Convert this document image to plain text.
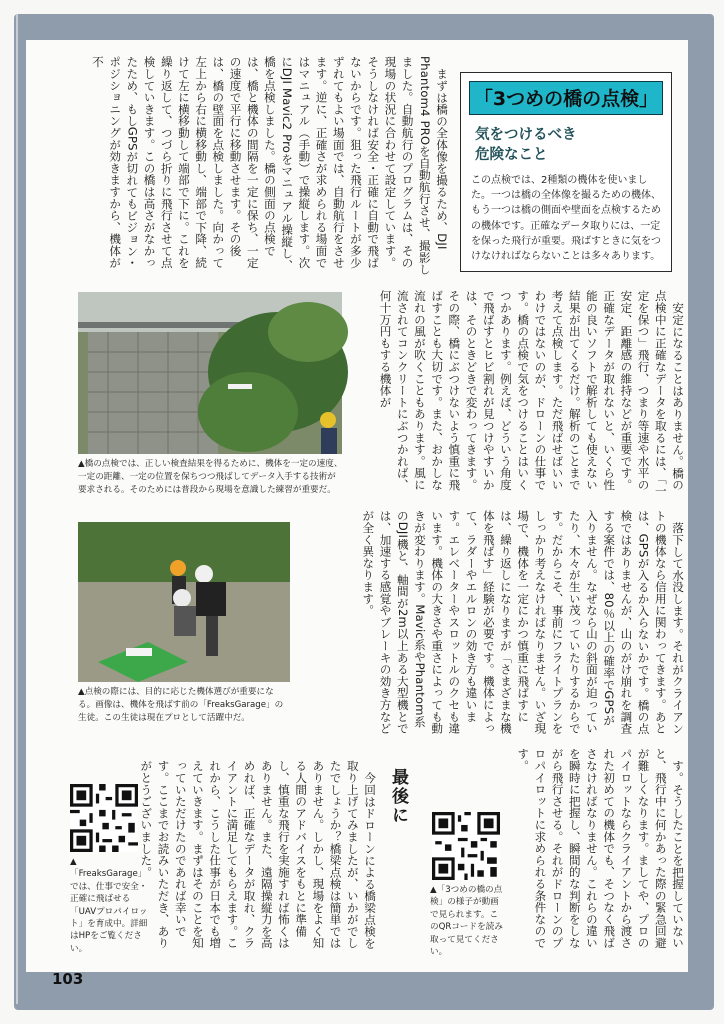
まずは橋の全体像を撮るため、DJI Phantom4 PROを自動航行させ、撮影しました。自動航行のプログラムは、その現場の状況に合わせて設定しています。そうしなければ安全・正確に自動で飛ばないからです。狙った飛行ルートが多少ずれてもよい場面では、自動航行をさせます。逆に、正確さが求められる場面ではマニュアル（手動）で操縦します。次にDJI Mavic2 Proをマニュアル操縦し、橋を点検しました。橋の側面の点検では、橋と機体の間隔を一定に保ち、一定の速度で平行に移動させます。その後は、橋の壁面を点検しました。向かって左上から右に横移動し、端部で下降、続けて左に横移動して端部で下に。これを繰り返して、つづら折りに飛行させて点検していきます。この橋は高さがなかったため、もしGPSが切れてもビジョン・ポジショニングが効きますから、機体が不

「3つめの橋の点検」
気をつけるべき
危険なこと
この点検では、2種類の機体を使いました。一つは橋の全体像を撮るための機体、もう一つは橋の側面や壁面を点検するための機体です。正確なデータ取りには、一定を保った飛行が重要。飛ばすときに気をつけなければならないことは多々あります。
▲橋の点検では、正しい検査結果を得るために、機体を一定の速度、一定の距離、一定の位置を保ちつつ飛ばしてデータ入手する技術が要求される。そのためには普段から現場を意識した練習が重要だ。
▲点検の際には、目的に応じた機体選びが重要になる。画像は、機体を飛ばす前の「FreaksGarage」の生徒。この生徒は現在プロとして活躍中だ。

安定になることはありません。橋の点検中に正確なデータを取るには、「一定を保つ」飛行、つまり等速や水平の安定、距離感の維持などが重要です。正確なデータが取れないと、いくら性能の良いソフトで解析しても使えない結果が出てくるだけ。解析のことまで考えて点検します。ただ飛ばせばいいわけではないのが、ドローンの仕事です。橋の点検で気をつけることはいくつかあります。例えば、どういう角度で飛ばすとヒビ割れが見つけやすいかは、そのときどきで変わってきます。その際、橋にぶつけないよう慎重に飛ばすことも大切です。また、おかしな流れの風が吹くこともあります。風に流されてコンクリートにぶつかれば、何十万円もする機体が

落下して水没します。それがクライアントの機体なら信用に関わってきます。あとは、GPSが入るか入らないかです。橋の点検ではありませんが、山のがけ崩れを調査する案件では、80％以上の確率でGPSが入りません。なぜなら山の斜面が迫っていたり、木々が生い茂っていたりするからです。だからこそ、事前にフライトプランをしっかり考えなければなりません。いざ現場で、機体を一定にかつ慎重に飛ばすには、繰り返しになりますが「さまざまな機体を飛ばす」経験が必要です。機体によって、ラダーやエルロンの効き方も違います。エレベーターやスロットルのクセも違います。機体の大きさや重さによっても動きが変わります。Mavic系やPhantom系のDJI機と、軸間が2m以上ある大型機とでは、加速する感覚やブレーキの効き方などが全く異なります。

す。そうしたことを把握していないと、飛行中に何かあった際の緊急回避が難しくなります。ましてや、プロのパイロットならクライアントから渡された初めての機体でも、そつなく飛ばさなければなりません。これらの違いを瞬時に把握し、瞬間的な判断をしながら飛行させる。それがドローンのプロパイロットに求められる条件なのです。

▲「3つめの橋の点検」の様子が動画で見られます。このQRコードを読み取って見てください。
最後に

今回はドローンによる橋梁点検を取り上げてみましたが、いかがでしたでしょうか？橋梁点検は簡単ではありません。しかし、現場をよく知る人間のアドバイスをもとに準備し、慎重な飛行を実施すれば怖くはありません。また、遠隔操縦力を高めれば、正確なデータが取れ、クライアントに満足してもらえます。これから、こうした仕事が日本でも増えていきます。まずはそのことを知っていただけたのであれば幸いです。ここまでお読みいただき、ありがとうございました。

▲「FreaksGarage」では、仕事で安全・正確に飛ばせる「UAVプロパイロット」を育成中。詳細はHPをご覧ください。
103
